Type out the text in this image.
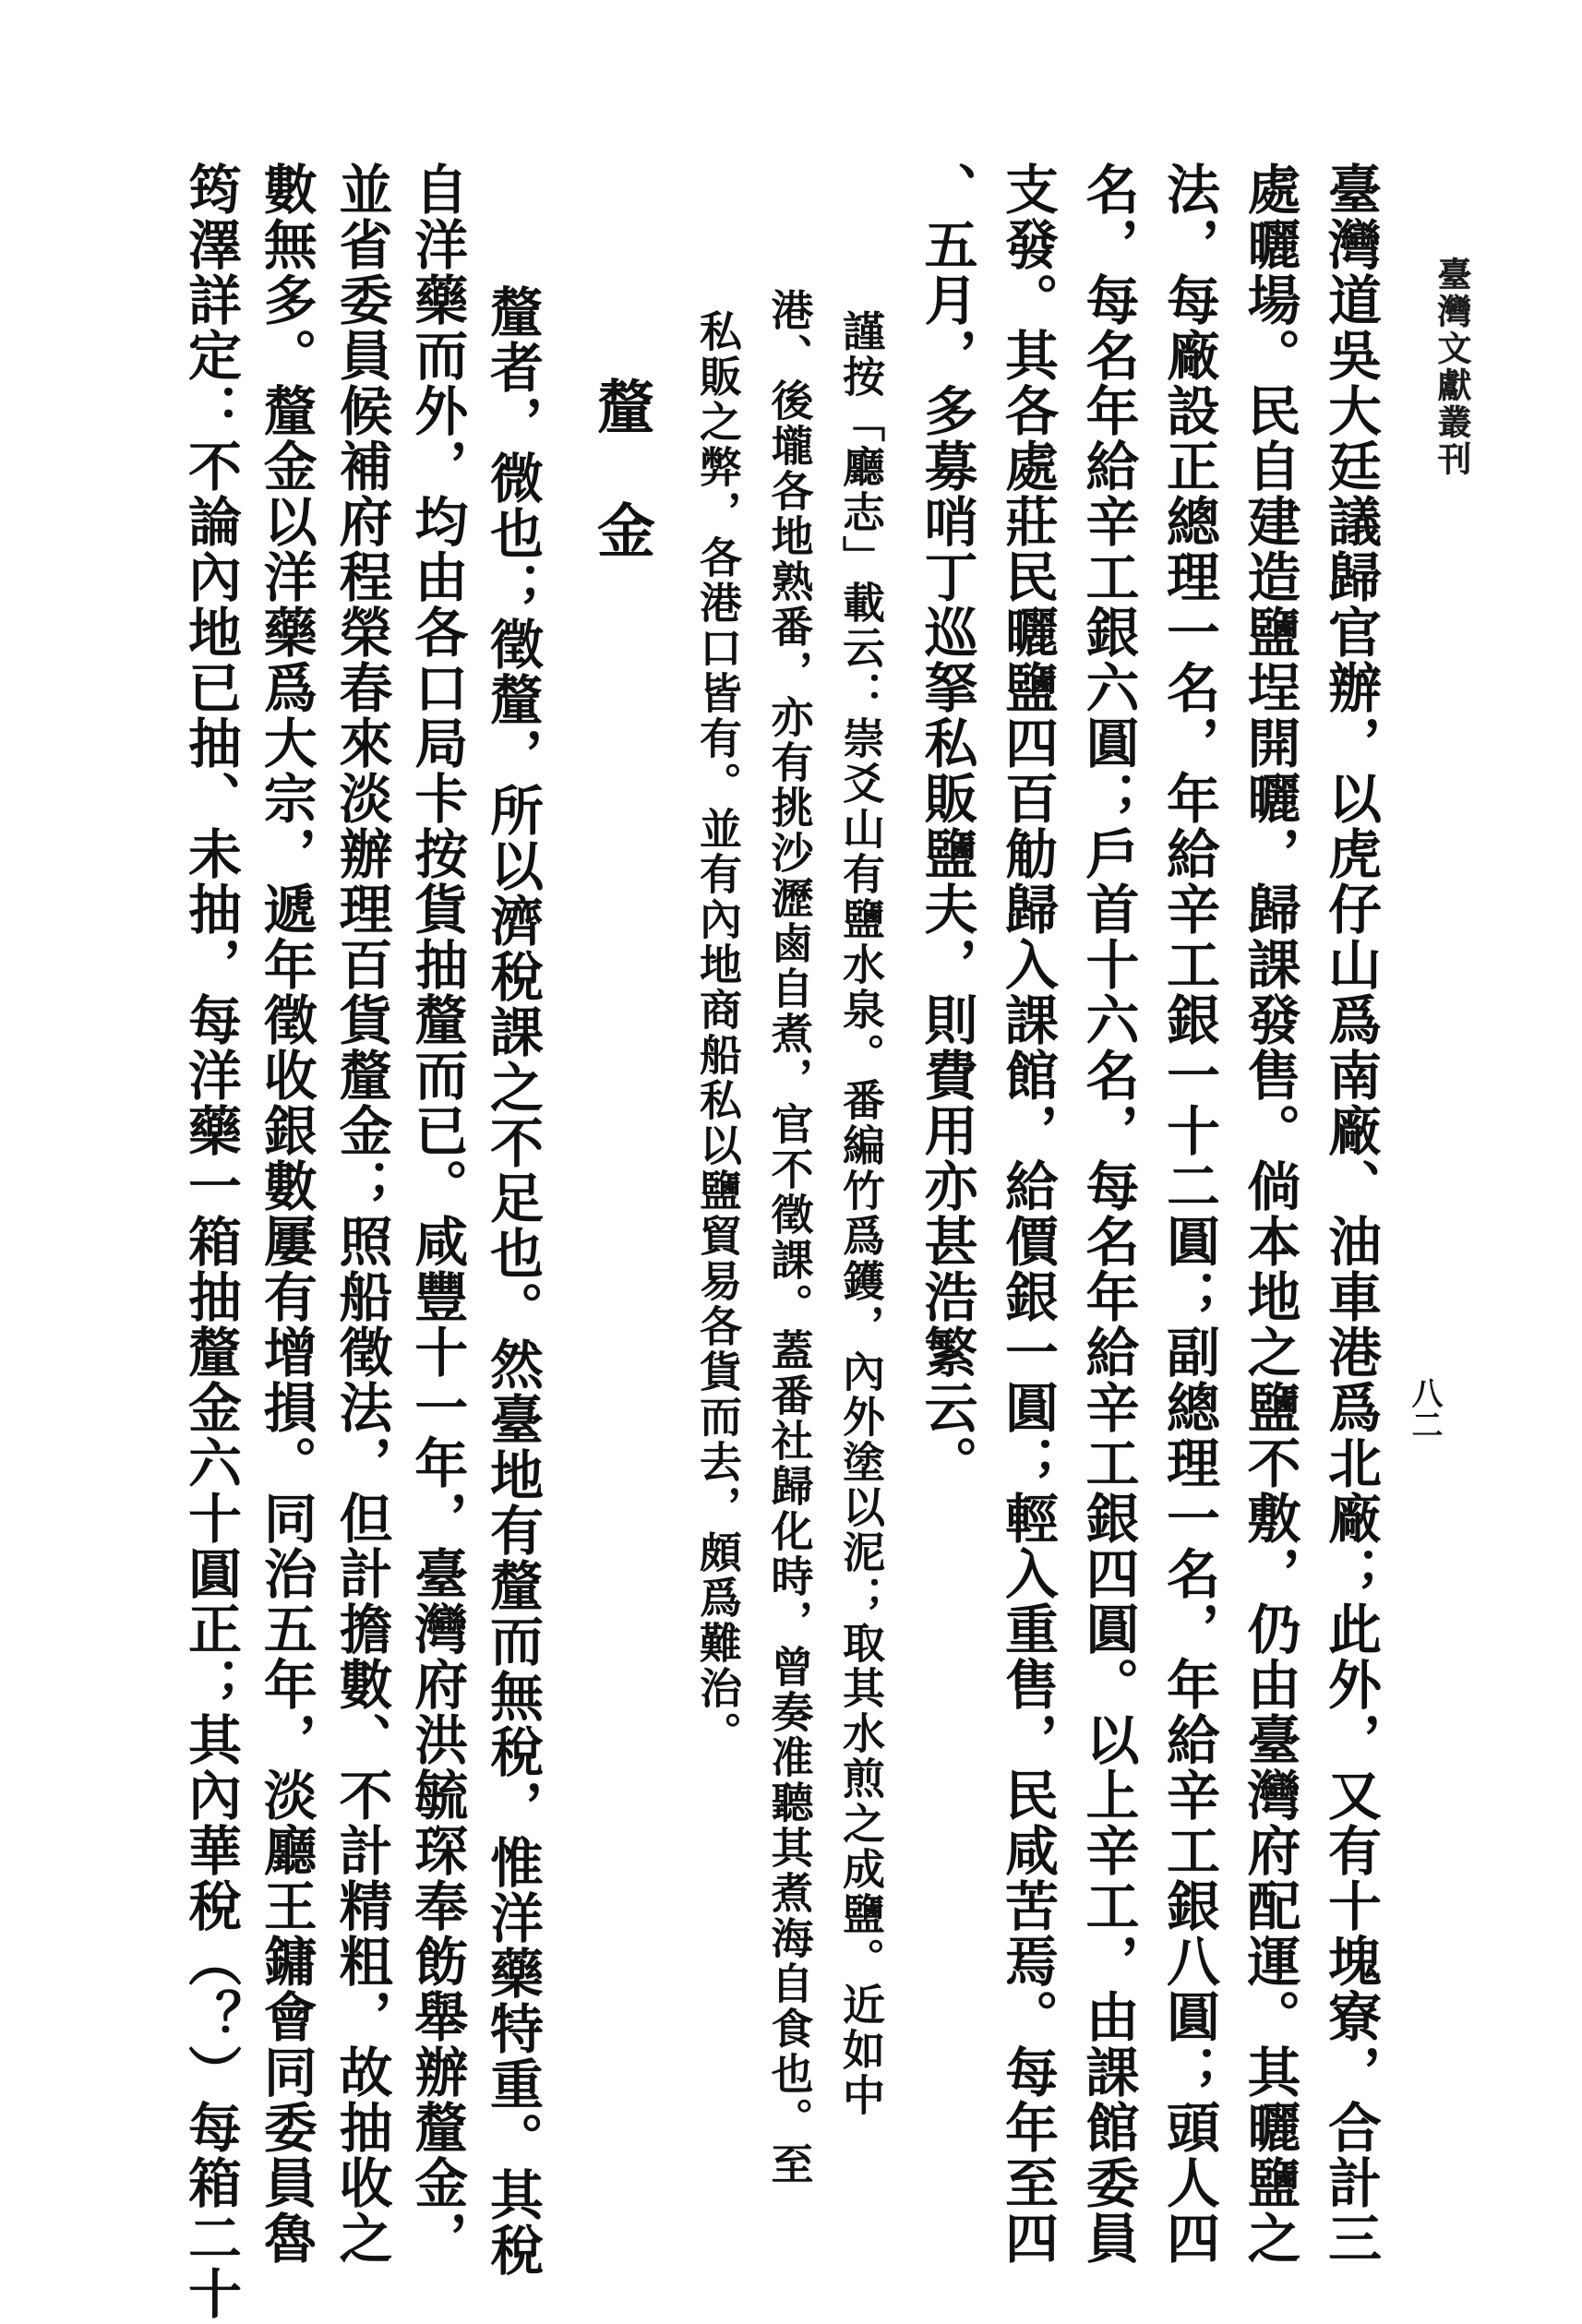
臺灣文獻叢刊
八二
釐　金	臺灣道吳大廷議歸官辦，以虎仔山爲南廠、油車港爲北廠；此外，又有十塊寮，合計三
處曬場。民自建造鹽埕開曬，歸課發售。倘本地之鹽不敷，仍由臺灣府配運。其曬鹽之
法，每廠設正總理一名，年給辛工銀一十二圓；副總理一名，年給辛工銀八圓；頭人四
名，每名年給辛工銀六圓；戶首十六名，每名年給辛工銀四圓。以上辛工，由課館委員
支發。其各處莊民曬鹽四百觔歸入課館，給價銀一圓；輕入重售，民咸苦焉。每年至四
、五月，多募哨丁巡拏私販鹽夫，則費用亦甚浩繁云。
謹按「廳志」載云：崇爻山有鹽水泉。番編竹爲鑊，內外塗以泥；取其水煎之成鹽。近如中
港、後壠各地熟番，亦有挑沙瀝鹵自煮，官不徵課。蓋番社歸化時，曾奏准聽其煮海自食也。至
私販之弊，各港口皆有。並有內地商船私以鹽貿易各貨而去，頗爲難治。
釐者，微也；徵釐，所以濟稅課之不足也。然臺地有釐而無稅，惟洋藥特重。其稅
自洋藥而外，均由各口局卡按貨抽釐而已。咸豐十一年，臺灣府洪毓琛奉飭舉辦釐金，
並省委員候補府程榮春來淡辦理百貨釐金；照船徵法，但計擔數、不計精粗，故抽收之
數無多。釐金以洋藥爲大宗，遞年徵收銀數屢有增損。同治五年，淡廳王鏞會同委員魯
筠澤詳定：不論內地已抽、未抽，每洋藥一箱抽釐金六十圓正；其內華稅（？）每箱二十
